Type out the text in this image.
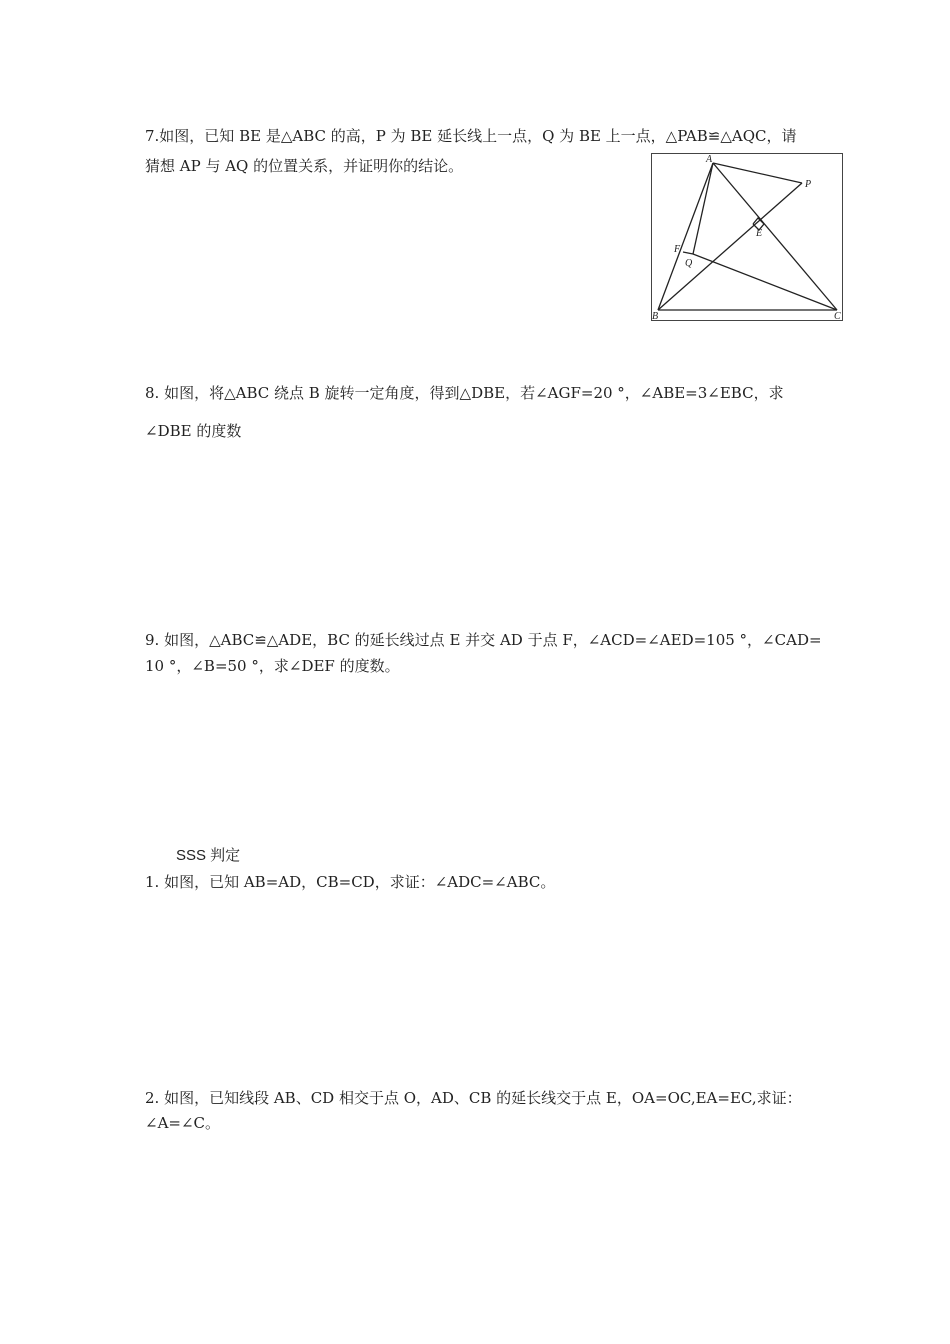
7.如图，已知 BE 是△ABC 的高，P 为 BE 延长线上一点，Q 为 BE 上一点，△PAB≌△AQC，请
猜想 AP 与 AQ 的位置关系，并证明你的结论。	A
P
E
F
Q
B	C
8. 如图，将△ABC 绕点 B 旋转一定角度，得到△DBE，若∠AGF=20 °，∠ABE=3∠EBC，求
∠DBE 的度数
9. 如图，△ABC≌△ADE，BC 的延长线过点 E 并交 AD 于点 F，∠ACD=∠AED=105 °，∠CAD=
10 °，∠B=50 °，求∠DEF 的度数。
SSS 判定
1. 如图，已知 AB=AD，CB=CD，求证：∠ADC=∠ABC。
2. 如图，已知线段 AB、CD 相交于点 O，AD、CB 的延长线交于点 E，OA=OC,EA=EC,求证：
∠A=∠C。
